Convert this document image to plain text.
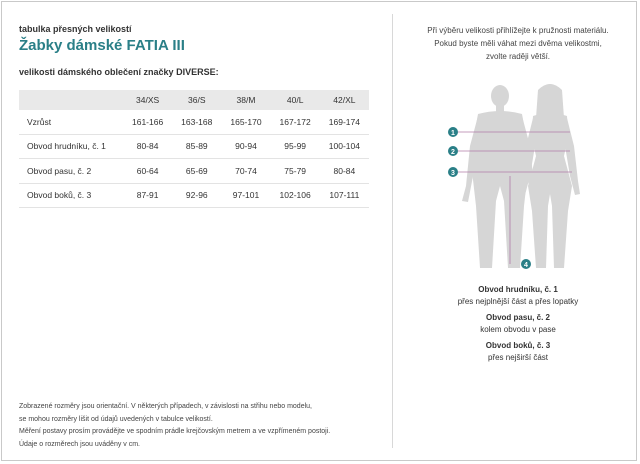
tabulka přesných velikostí
Žabky dámské FATIA III
velikosti dámského oblečení značky DIVERSE:
	34/XS	36/S	38/M	40/L	42/XL
Vzrůst	161-166	163-168	165-170	167-172	169-174
Obvod hrudníku, č. 1	80-84	85-89	90-94	95-99	100-104
Obvod pasu, č. 2	60-64	65-69	70-74	75-79	80-84
Obvod boků, č. 3	87-91	92-96	97-101	102-106	107-111
Zobrazené rozměry jsou orientační. V některých případech, v závislosti na střihu nebo modelu,
se mohou rozměry lišit od údajů uvedených v tabulce velikostí.
Měření postavy prosím provádějte ve spodním prádle krejčovským metrem a ve vzpřímeném postoji.
Údaje o rozměrech jsou uváděny v cm.
Při výběru velikosti přihlížejte k pružnosti materiálu.
Pokud byste měli váhat mezi dvěma velikostmi,
zvolte raději větší.
1
2
3
4
Obvod hrudníku, č. 1
přes nejplnější část a přes lopatky
Obvod pasu, č. 2
kolem obvodu v pase
Obvod boků, č. 3
přes nejširší část
